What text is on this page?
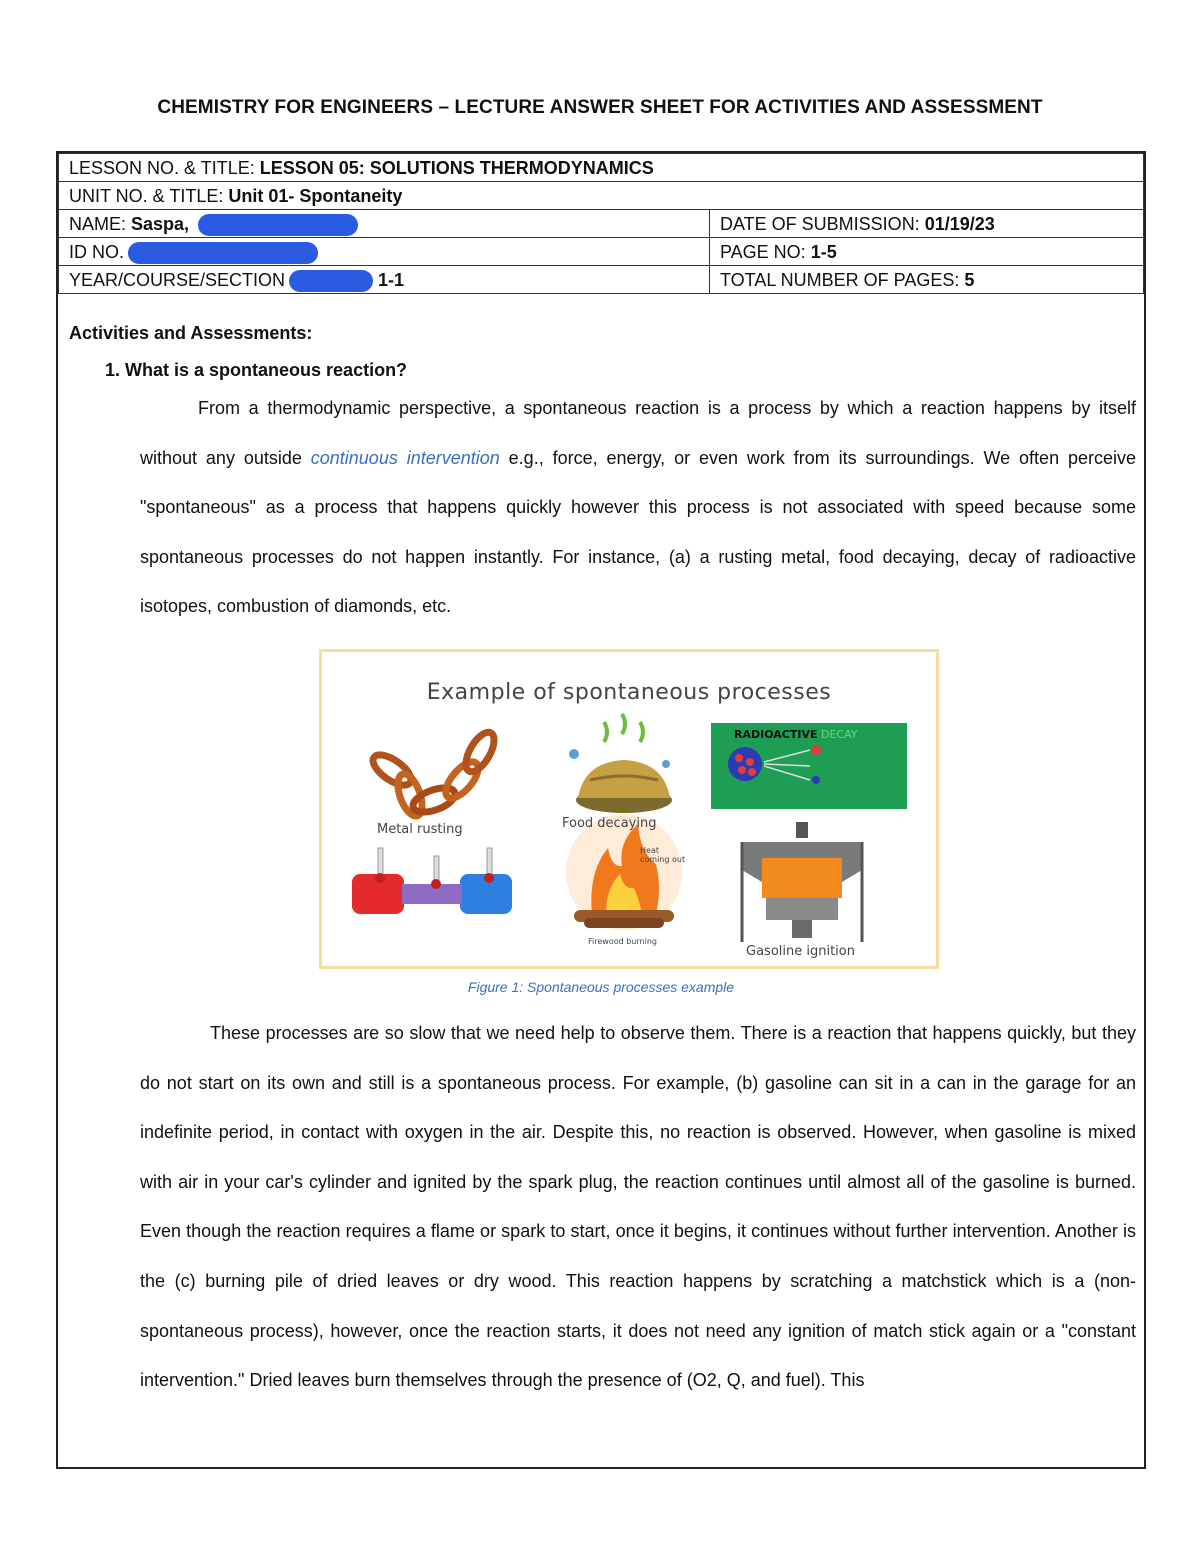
CHEMISTRY FOR ENGINEERS – LECTURE ANSWER SHEET FOR ACTIVITIES AND ASSESSMENT
LESSON NO. & TITLE: LESSON 05: SOLUTIONS THERMODYNAMICS	
UNIT NO. & TITLE: Unit 01- Spontaneity	
NAME: Saspa,	DATE OF SUBMISSION: 01/19/23
ID NO.	PAGE NO: 1-5
YEAR/COURSE/SECTION 1-1	TOTAL NUMBER OF PAGES: 5
Activities and Assessments:
1. What is a spontaneous reaction?
From a thermodynamic perspective, a spontaneous reaction is a process by which a reaction happens by itself without any outside continuous intervention e.g., force, energy, or even work from its surroundings. We often perceive "spontaneous" as a process that happens quickly however this process is not associated with speed because some spontaneous processes do not happen instantly. For instance, (a) a rusting metal, food decaying, decay of radioactive isotopes, combustion of diamonds, etc.
Example of spontaneous processes
Metal rusting	Food decaying
RADIOACTIVE DECAY
Heat coming out
Firewood burning
Gasoline ignition
Figure 1: Spontaneous processes example
These processes are so slow that we need help to observe them. There is a reaction that happens quickly, but they do not start on its own and still is a spontaneous process. For example, (b) gasoline can sit in a can in the garage for an indefinite period, in contact with oxygen in the air. Despite this, no reaction is observed. However, when gasoline is mixed with air in your car's cylinder and ignited by the spark plug, the reaction continues until almost all of the gasoline is burned. Even though the reaction requires a flame or spark to start, once it begins, it continues without further intervention. Another is the (c) burning pile of dried leaves or dry wood. This reaction happens by scratching a matchstick which is a (non-spontaneous process), however, once the reaction starts, it does not need any ignition of match stick again or a "constant intervention." Dried leaves burn themselves through the presence of (O2, Q, and fuel). This
